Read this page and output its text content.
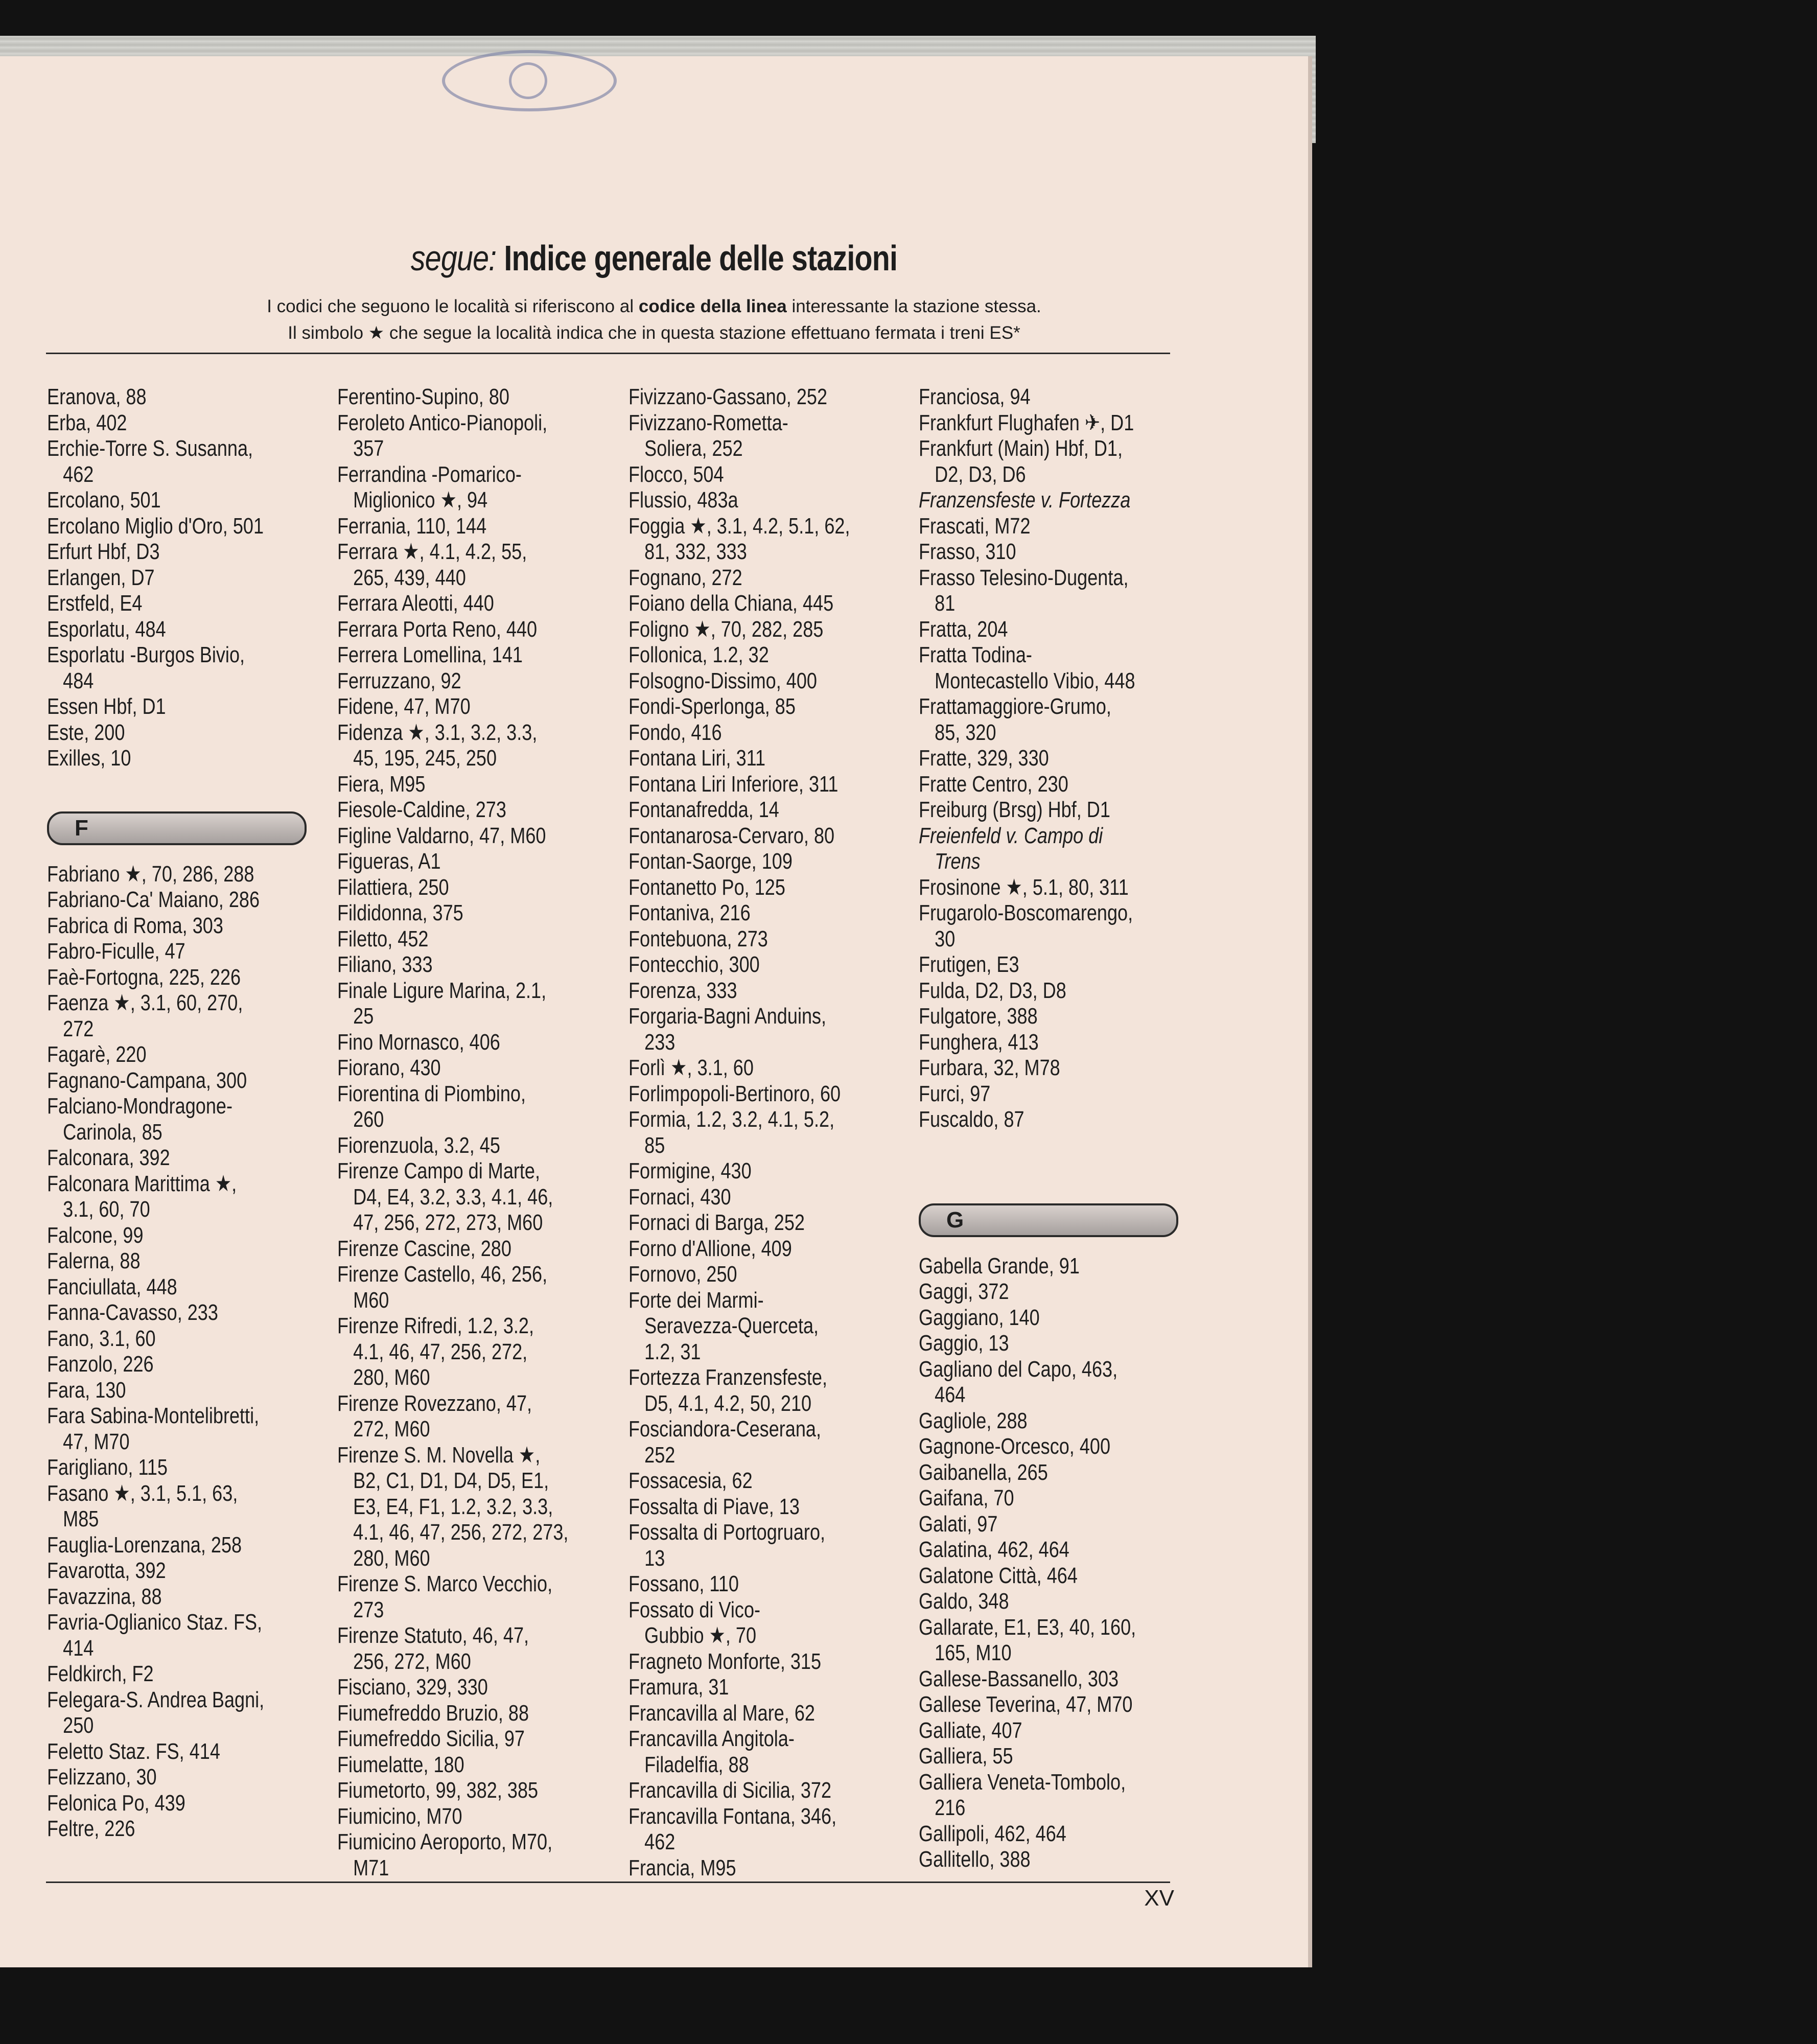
segue: Indice generale delle stazioni
I codici che seguono le località si riferiscono al codice della linea interessante la stazione stessa.
Il simbolo ★ che segue la località indica che in questa stazione effettuano fermata i treni ES*
Eranova, 88
Erba, 402
Erchie-Torre S. Susanna,
462
Ercolano, 501
Ercolano Miglio d'Oro, 501
Erfurt Hbf, D3
Erlangen, D7
Erstfeld, E4
Esporlatu, 484
Esporlatu -Burgos Bivio,
484
Essen Hbf, D1
Este, 200
Exilles, 10
F
Fabriano ★, 70, 286, 288
Fabriano-Ca' Maiano, 286
Fabrica di Roma, 303
Fabro-Ficulle, 47
Faè-Fortogna, 225, 226
Faenza ★, 3.1, 60, 270,
272
Fagarè, 220
Fagnano-Campana, 300
Falciano-Mondragone-
Carinola, 85
Falconara, 392
Falconara Marittima ★,
3.1, 60, 70
Falcone, 99
Falerna, 88
Fanciullata, 448
Fanna-Cavasso, 233
Fano, 3.1, 60
Fanzolo, 226
Fara, 130
Fara Sabina-Montelibretti,
47, M70
Farigliano, 115
Fasano ★, 3.1, 5.1, 63,
M85
Fauglia-Lorenzana, 258
Favarotta, 392
Favazzina, 88
Favria-Oglianico Staz. FS,
414
Feldkirch, F2
Felegara-S. Andrea Bagni,
250
Feletto Staz. FS, 414
Felizzano, 30
Felonica Po, 439
Feltre, 226
Ferentino-Supino, 80
Feroleto Antico-Pianopoli,
357
Ferrandina -Pomarico-
Miglionico ★, 94
Ferrania, 110, 144
Ferrara ★, 4.1, 4.2, 55,
265, 439, 440
Ferrara Aleotti, 440
Ferrara Porta Reno, 440
Ferrera Lomellina, 141
Ferruzzano, 92
Fidene, 47, M70
Fidenza ★, 3.1, 3.2, 3.3,
45, 195, 245, 250
Fiera, M95
Fiesole-Caldine, 273
Figline Valdarno, 47, M60
Figueras, A1
Filattiera, 250
Fildidonna, 375
Filetto, 452
Filiano, 333
Finale Ligure Marina, 2.1,
25
Fino Mornasco, 406
Fiorano, 430
Fiorentina di Piombino,
260
Fiorenzuola, 3.2, 45
Firenze Campo di Marte,
D4, E4, 3.2, 3.3, 4.1, 46,
47, 256, 272, 273, M60
Firenze Cascine, 280
Firenze Castello, 46, 256,
M60
Firenze Rifredi, 1.2, 3.2,
4.1, 46, 47, 256, 272,
280, M60
Firenze Rovezzano, 47,
272, M60
Firenze S. M. Novella ★,
B2, C1, D1, D4, D5, E1,
E3, E4, F1, 1.2, 3.2, 3.3,
4.1, 46, 47, 256, 272, 273,
280, M60
Firenze S. Marco Vecchio,
273
Firenze Statuto, 46, 47,
256, 272, M60
Fisciano, 329, 330
Fiumefreddo Bruzio, 88
Fiumefreddo Sicilia, 97
Fiumelatte, 180
Fiumetorto, 99, 382, 385
Fiumicino, M70
Fiumicino Aeroporto, M70,
M71
Fivizzano-Gassano, 252
Fivizzano-Rometta-
Soliera, 252
Flocco, 504
Flussio, 483a
Foggia ★, 3.1, 4.2, 5.1, 62,
81, 332, 333
Fognano, 272
Foiano della Chiana, 445
Foligno ★, 70, 282, 285
Follonica, 1.2, 32
Folsogno-Dissimo, 400
Fondi-Sperlonga, 85
Fondo, 416
Fontana Liri, 311
Fontana Liri Inferiore, 311
Fontanafredda, 14
Fontanarosa-Cervaro, 80
Fontan-Saorge, 109
Fontanetto Po, 125
Fontaniva, 216
Fontebuona, 273
Fontecchio, 300
Forenza, 333
Forgaria-Bagni Anduins,
233
Forlì ★, 3.1, 60
Forlimpopoli-Bertinoro, 60
Formia, 1.2, 3.2, 4.1, 5.2,
85
Formigine, 430
Fornaci, 430
Fornaci di Barga, 252
Forno d'Allione, 409
Fornovo, 250
Forte dei Marmi-
Seravezza-Querceta,
1.2, 31
Fortezza Franzensfeste,
D5, 4.1, 4.2, 50, 210
Fosciandora-Ceserana,
252
Fossacesia, 62
Fossalta di Piave, 13
Fossalta di Portogruaro,
13
Fossano, 110
Fossato di Vico-
Gubbio ★, 70
Fragneto Monforte, 315
Framura, 31
Francavilla al Mare, 62
Francavilla Angitola-
Filadelfia, 88
Francavilla di Sicilia, 372
Francavilla Fontana, 346,
462
Francia, M95
Franciosa, 94
Frankfurt Flughafen ✈, D1
Frankfurt (Main) Hbf, D1,
D2, D3, D6
Franzensfeste v. Fortezza
Frascati, M72
Frasso, 310
Frasso Telesino-Dugenta,
81
Fratta, 204
Fratta Todina-
Montecastello Vibio, 448
Frattamaggiore-Grumo,
85, 320
Fratte, 329, 330
Fratte Centro, 230
Freiburg (Brsg) Hbf, D1
Freienfeld v. Campo di
Trens
Frosinone ★, 5.1, 80, 311
Frugarolo-Boscomarengo,
30
Frutigen, E3
Fulda, D2, D3, D8
Fulgatore, 388
Funghera, 413
Furbara, 32, M78
Furci, 97
Fuscaldo, 87
G
Gabella Grande, 91
Gaggi, 372
Gaggiano, 140
Gaggio, 13
Gagliano del Capo, 463,
464
Gagliole, 288
Gagnone-Orcesco, 400
Gaibanella, 265
Gaifana, 70
Galati, 97
Galatina, 462, 464
Galatone Città, 464
Galdo, 348
Gallarate, E1, E3, 40, 160,
165, M10
Gallese-Bassanello, 303
Gallese Teverina, 47, M70
Galliate, 407
Galliera, 55
Galliera Veneta-Tombolo,
216
Gallipoli, 462, 464
Gallitello, 388
XV
